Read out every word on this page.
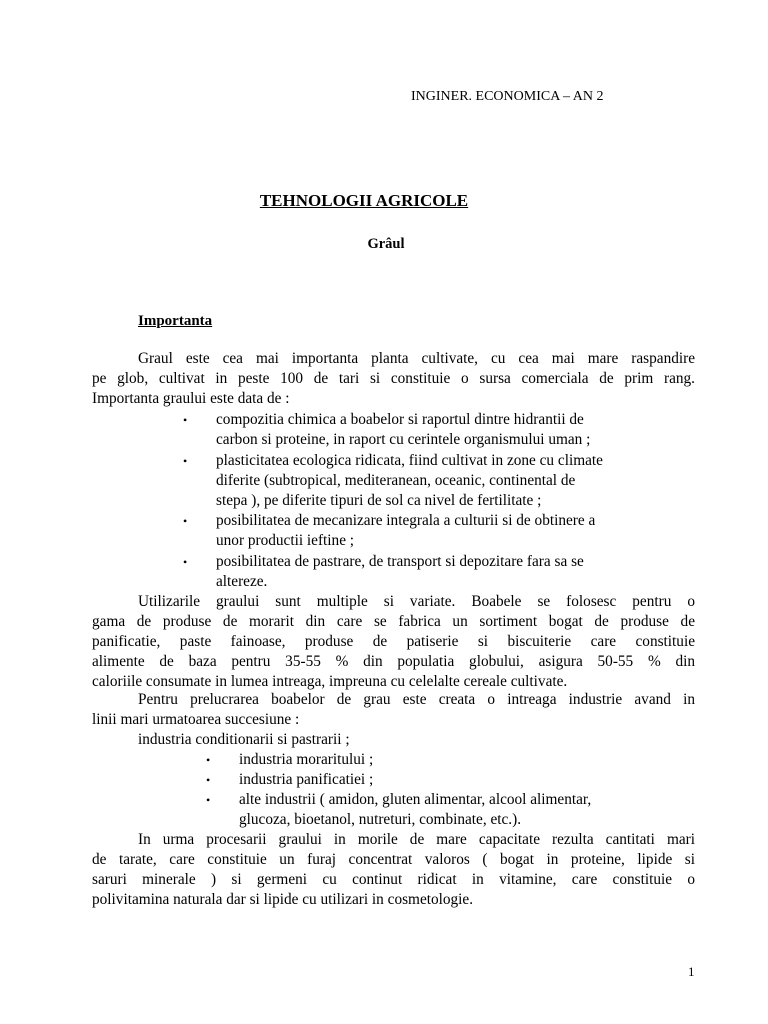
INGINER. ECONOMICA – AN 2
TEHNOLOGII AGRICOLE
Grâul
Importanta
Graul este cea mai importanta planta cultivate, cu cea mai mare raspandire
pe glob, cultivat in peste 100 de tari si constituie o sursa comerciala de prim rang.
Importanta graului este data de :
• compozitia chimica a boabelor si raportul dintre hidrantii de
carbon si proteine, in raport cu cerintele organismului uman ;
• plasticitatea ecologica ridicata, fiind cultivat in zone cu climate
diferite (subtropical, mediteranean, oceanic, continental de
stepa ), pe diferite tipuri de sol ca nivel de fertilitate ;
• posibilitatea de mecanizare integrala a culturii si de obtinere a
unor productii ieftine ;
• posibilitatea de pastrare, de transport si depozitare fara sa se
altereze.
Utilizarile graului sunt multiple si variate. Boabele se folosesc pentru o
gama de produse de morarit din care se fabrica un sortiment bogat de produse de
panificatie, paste fainoase, produse de patiserie si biscuiterie care constituie
alimente de baza pentru 35-55 % din populatia globului, asigura 50-55 % din
caloriile consumate in lumea intreaga, impreuna cu celelalte cereale cultivate.
Pentru prelucrarea boabelor de grau este creata o intreaga industrie avand in
linii mari urmatoarea succesiune :
industria conditionarii si pastrarii ;
• industria moraritului ;
• industria panificatiei ;
• alte industrii ( amidon, gluten alimentar, alcool alimentar,
glucoza, bioetanol, nutreturi, combinate, etc.).
In urma procesarii graului in morile de mare capacitate rezulta cantitati mari
de tarate, care constituie un furaj concentrat valoros ( bogat in proteine, lipide si
saruri minerale ) si germeni cu continut ridicat in vitamine, care constituie o
polivitamina naturala dar si lipide cu utilizari in cosmetologie.
1
